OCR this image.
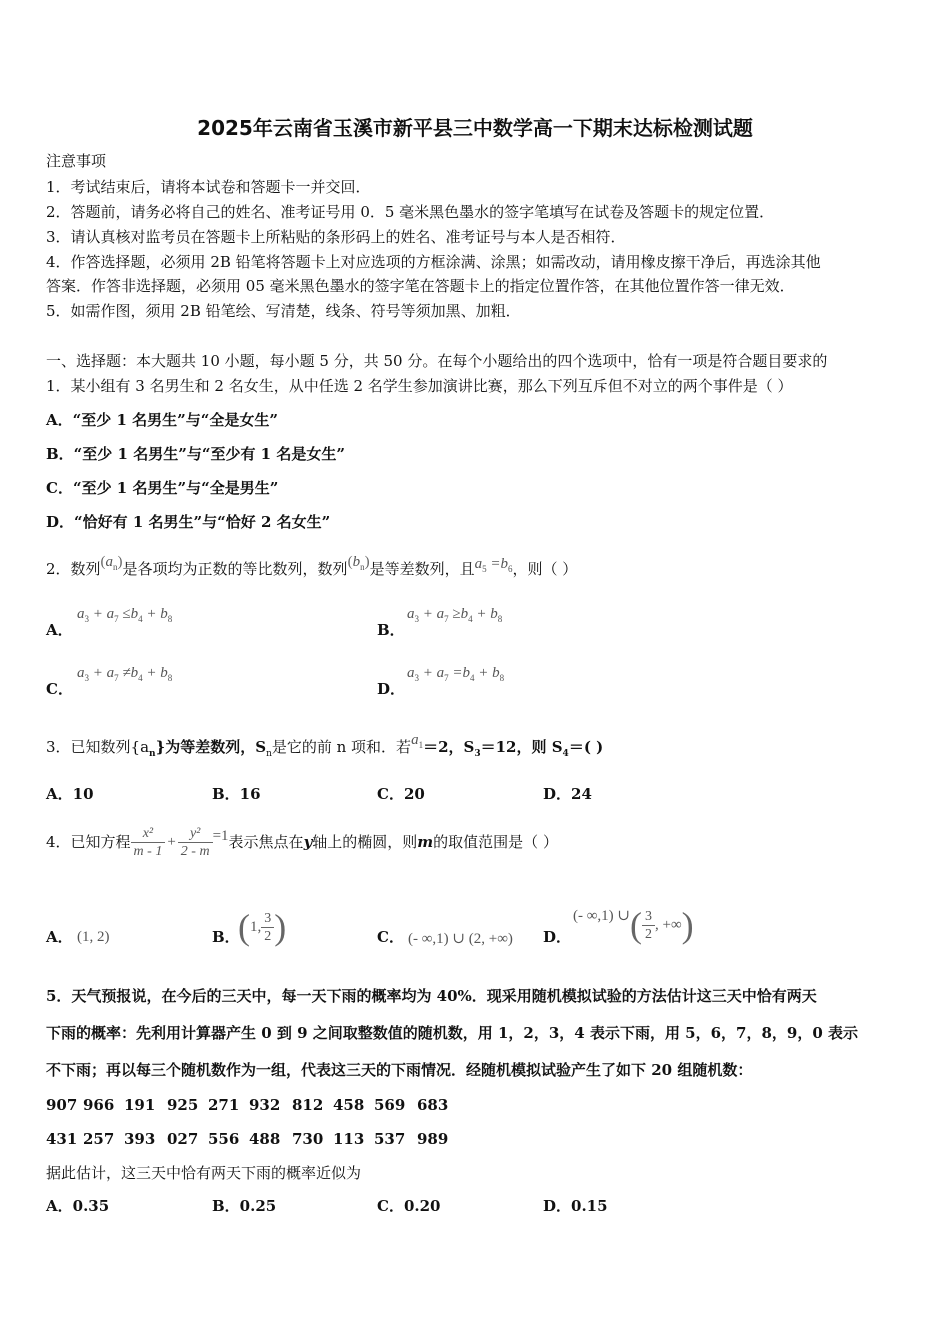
2025年云南省玉溪市新平县三中数学高一下期末达标检测试题
注意事项
1．考试结束后，请将本试卷和答题卡一并交回．
2．答题前，请务必将自己的姓名、准考证号用 0．5 毫米黑色墨水的签字笔填写在试卷及答题卡的规定位置．
3．请认真核对监考员在答题卡上所粘贴的条形码上的姓名、准考证号与本人是否相符．
4．作答选择题，必须用 2B 铅笔将答题卡上对应选项的方框涂满、涂黑；如需改动，请用橡皮擦干净后，再选涂其他
答案．作答非选择题，必须用 05 毫米黑色墨水的签字笔在答题卡上的指定位置作答，在其他位置作答一律无效．
5．如需作图，须用 2B 铅笔绘、写清楚，线条、符号等须加黑、加粗．
一、选择题：本大题共 10 小题，每小题 5 分，共 50 分。在每个小题给出的四个选项中，恰有一项是符合题目要求的
1．某小组有 3 名男生和 2 名女生，从中任选 2 名学生参加演讲比赛，那么下列互斥但不对立的两个事件是（ ）
A．“至少 1 名男生”与“全是女生”
B．“至少 1 名男生”与“至少有 1 名是女生”
C．“至少 1 名男生”与“全是男生”
D．“恰好有 1 名男生”与“恰好 2 名女生”
2．数列$(a_n)$是各项均为正数的等比数列，数列$(b_n)$是等差数列，且$a_5 =b_6$，则（ ）
A．
$a_3 + a_7 \le b_4 + b_8$
B．
$a_3 + a_7 \ge b_4 + b_8$
C．
$a_3 + a_7 \ne b_4 + b_8$
D．
$a_3 + a_7 =b_4 + b_8$
3．已知数列$\{a_n\}$为等差数列，$S_n$是它的前 n 项和．若$a_1=2$，$S_3=12$，则 $S_4=$( )
A．10	B．16	C．20	D．24
4．已知方程 $\frac{\text{x²}}{m - 1} + \frac{\text{y²}}{2 - m} =1$ 表示焦点在 y 轴上的椭圆，则 m 的取值范围是（ ）
A． (1, 2)	B．
( 1, $\frac{3}{2}$ )	C． (- ∞,1) ∪ (2, +∞) D．
(- ∞,1) ∪ ( $\frac{3}{2}$ , +∞ )
5．天气预报说，在今后的三天中，每一天下雨的概率均为 40%．现采用随机模拟试验的方法估计这三天中恰有两天
下雨的概率：先利用计算器产生 0 到 9 之间取整数值的随机数，用 1，2，3，4 表示下雨，用 5，6，7，8，9，0 表示
不下雨；再以每三个随机数作为一组，代表这三天的下雨情况．经随机模拟试验产生了如下 20 组随机数：
907 966 191 925 271 932 812 458 569 683
431 257 393 027 556 488 730 113 537 989
据此估计，这三天中恰有两天下雨的概率近似为
A．0.35	B．0.25	C．0.20	D．0.15
